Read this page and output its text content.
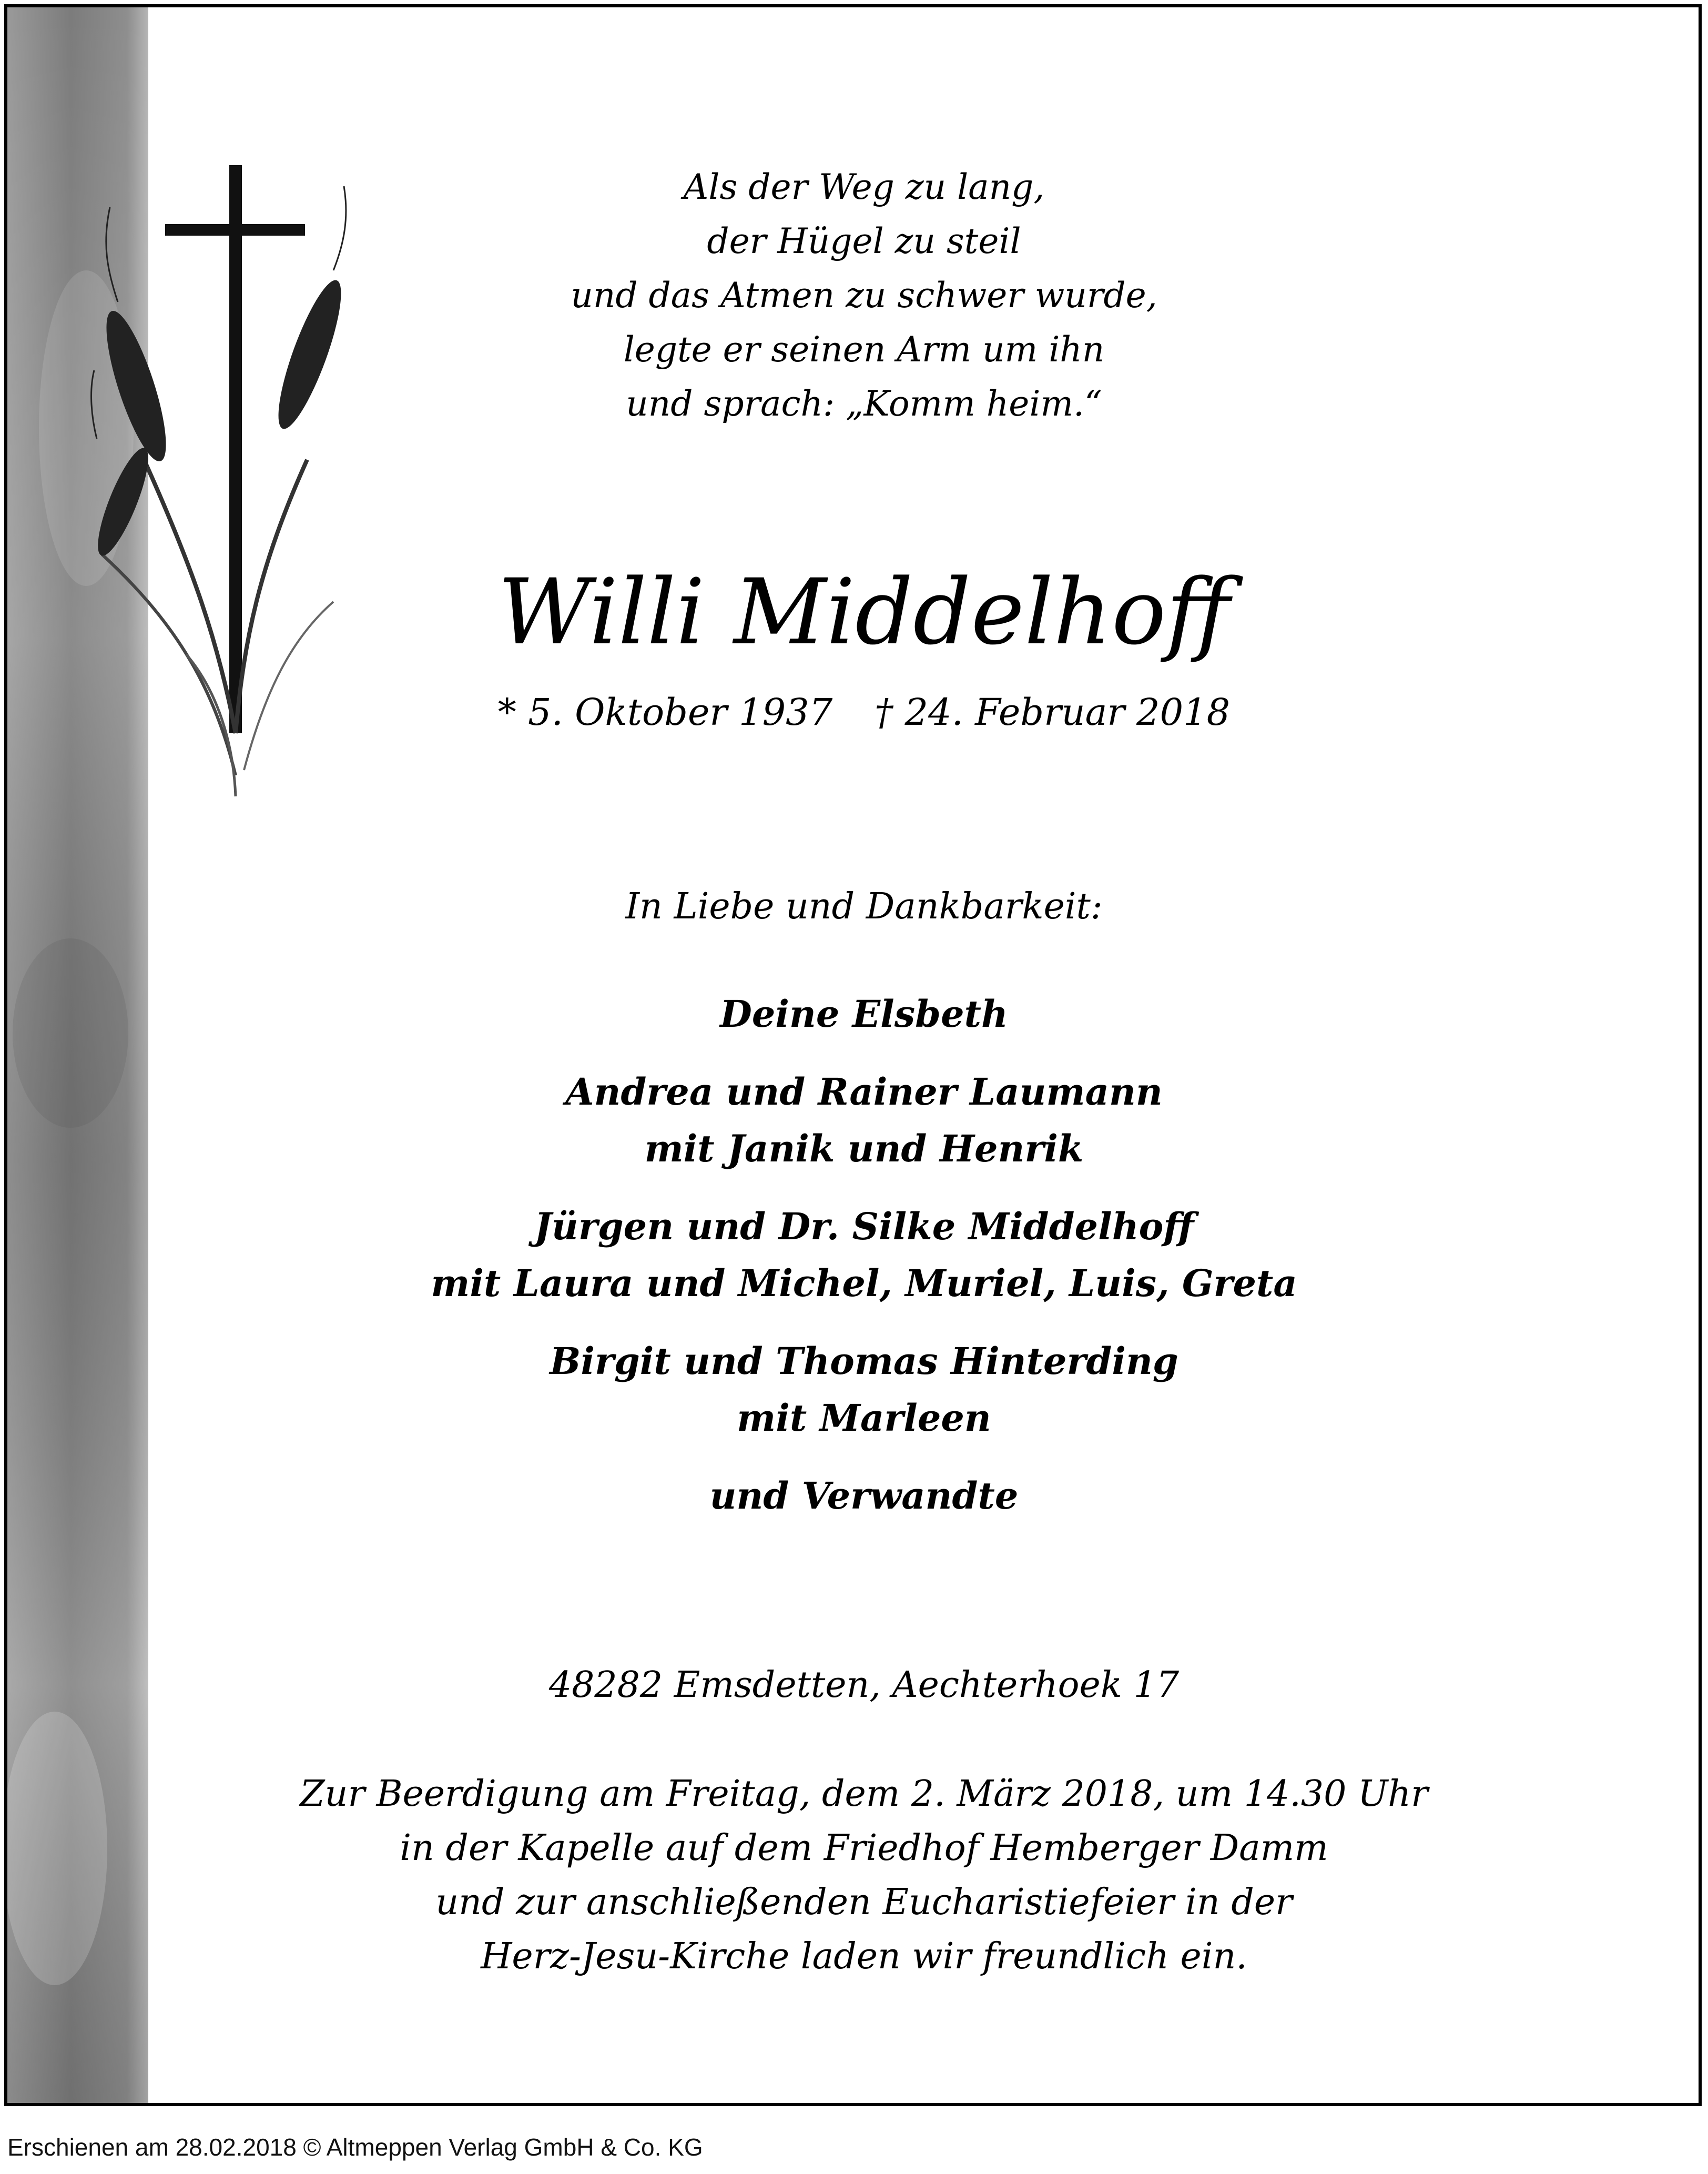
Als der Weg zu lang,
der Hügel zu steil
und das Atmen zu schwer wurde,
legte er seinen Arm um ihn
und sprach: „Komm heim.“
Willi Middelhoff
* 5. Oktober 1937 † 24. Februar 2018
In Liebe und Dankbarkeit:
Deine Elsbeth
Andrea und Rainer Laumann
mit Janik und Henrik
Jürgen und Dr. Silke Middelhoff
mit Laura und Michel, Muriel, Luis, Greta
Birgit und Thomas Hinterding
mit Marleen
und Verwandte
48282 Emsdetten, Aechterhoek 17
Zur Beerdigung am Freitag, dem 2. März 2018, um 14.30 Uhr
in der Kapelle auf dem Friedhof Hemberger Damm
und zur anschließenden Eucharistiefeier in der
Herz-Jesu-Kirche laden wir freundlich ein.
Erschienen am 28.02.2018 © Altmeppen Verlag GmbH & Co. KG
